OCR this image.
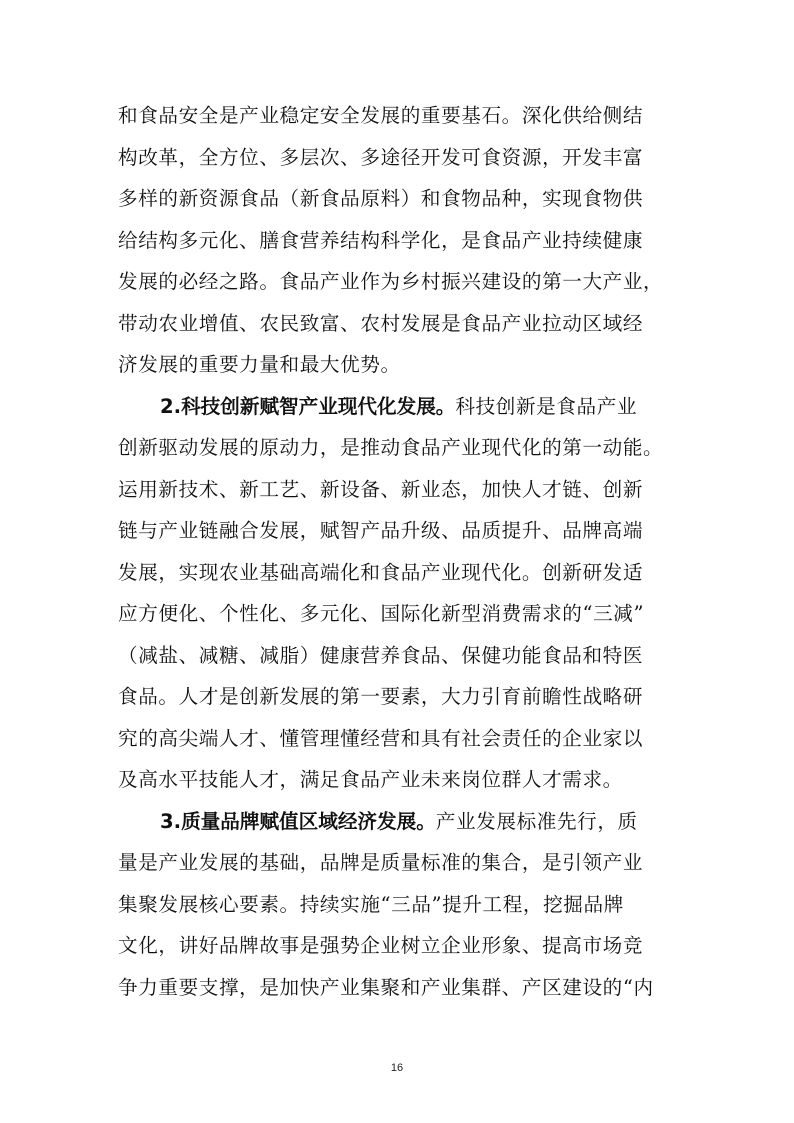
和食品安全是产业稳定安全发展的重要基石。深化供给侧结
构改革，全方位、多层次、多途径开发可食资源，开发丰富
多样的新资源食品（新食品原料）和食物品种，实现食物供
给结构多元化、膳食营养结构科学化，是食品产业持续健康
发展的必经之路。食品产业作为乡村振兴建设的第一大产业，
带动农业增值、农民致富、农村发展是食品产业拉动区域经
济发展的重要力量和最大优势。
2.科技创新赋智产业现代化发展。科技创新是食品产业
创新驱动发展的原动力，是推动食品产业现代化的第一动能。
运用新技术、新工艺、新设备、新业态，加快人才链、创新
链与产业链融合发展，赋智产品升级、品质提升、品牌高端
发展，实现农业基础高端化和食品产业现代化。创新研发适
应方便化、个性化、多元化、国际化新型消费需求的“三减”
（减盐、减糖、减脂）健康营养食品、保健功能食品和特医
食品。人才是创新发展的第一要素，大力引育前瞻性战略研
究的高尖端人才、懂管理懂经营和具有社会责任的企业家以
及高水平技能人才，满足食品产业未来岗位群人才需求。
3.质量品牌赋值区域经济发展。产业发展标准先行，质
量是产业发展的基础，品牌是质量标准的集合，是引领产业
集聚发展核心要素。持续实施“三品”提升工程，挖掘品牌
文化，讲好品牌故事是强势企业树立企业形象、提高市场竞
争力重要支撑，是加快产业集聚和产业集群、产区建设的“内
16
